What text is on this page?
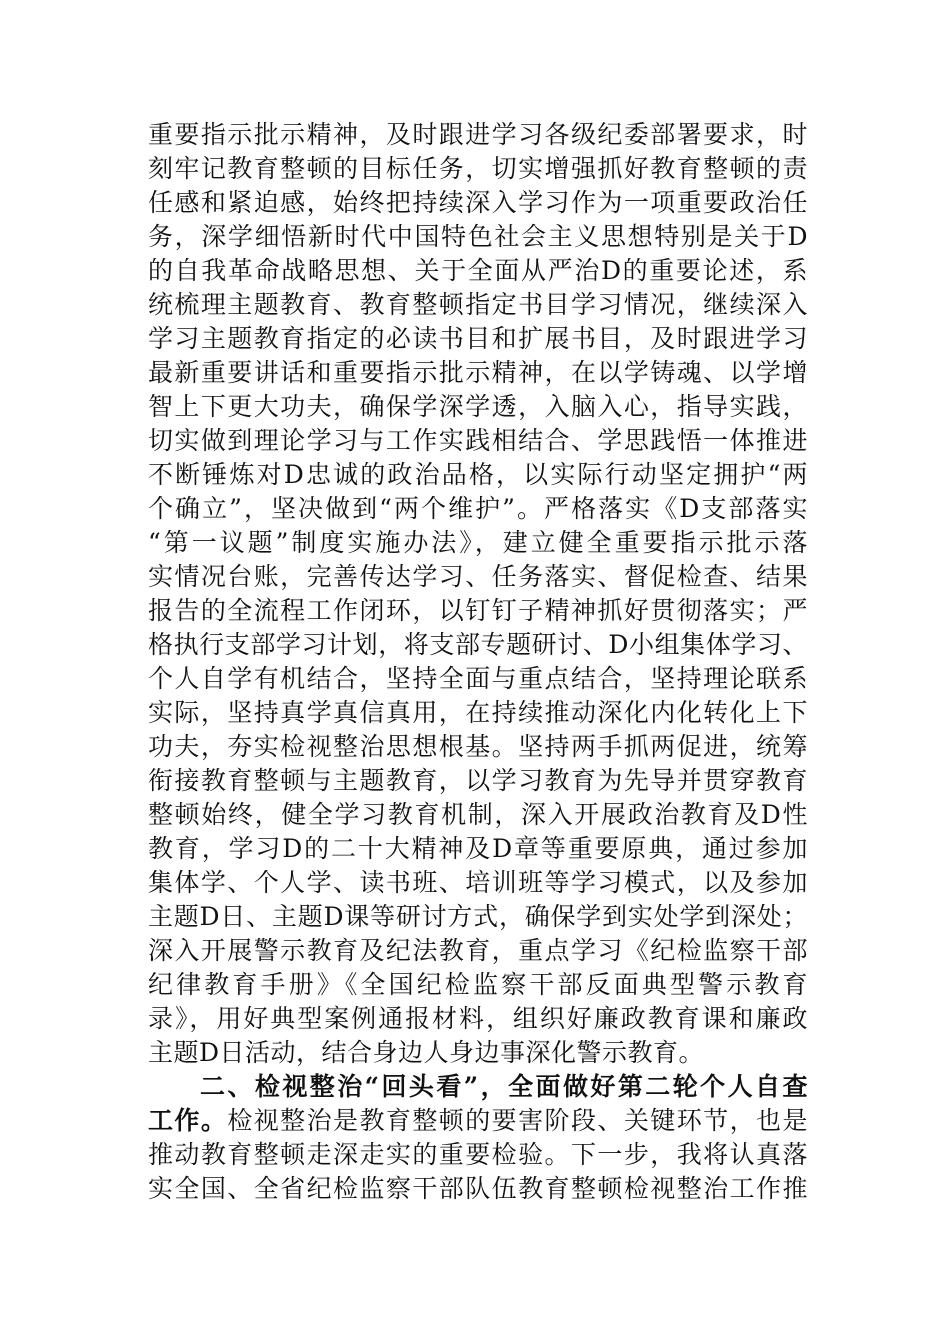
重要指示批示精神，及时跟进学习各级纪委部署要求，时
刻牢记教育整顿的目标任务，切实增强抓好教育整顿的责
任感和紧迫感，始终把持续深入学习作为一项重要政治任
务，深学细悟新时代中国特色社会主义思想特别是关于D
的自我革命战略思想、关于全面从严治D的重要论述，系
统梳理主题教育、教育整顿指定书目学习情况，继续深入
学习主题教育指定的必读书目和扩展书目，及时跟进学习
最新重要讲话和重要指示批示精神，在以学铸魂、以学增
智上下更大功夫，确保学深学透，入脑入心，指导实践，
切实做到理论学习与工作实践相结合、学思践悟一体推进
不断锤炼对D忠诚的政治品格，以实际行动坚定拥护“两
个确立”，坚决做到“两个维护”。严格落实《D支部落实
“第一议题”制度实施办法》，建立健全重要指示批示落
实情况台账，完善传达学习、任务落实、督促检查、结果
报告的全流程工作闭环，以钉钉子精神抓好贯彻落实；严
格执行支部学习计划，将支部专题研讨、D小组集体学习、
个人自学有机结合，坚持全面与重点结合，坚持理论联系
实际，坚持真学真信真用，在持续推动深化内化转化上下
功夫，夯实检视整治思想根基。坚持两手抓两促进，统筹
衔接教育整顿与主题教育，以学习教育为先导并贯穿教育
整顿始终，健全学习教育机制，深入开展政治教育及D性
教育，学习D的二十大精神及D章等重要原典，通过参加
集体学、个人学、读书班、培训班等学习模式，以及参加
主题D日、主题D课等研讨方式，确保学到实处学到深处；
深入开展警示教育及纪法教育，重点学习《纪检监察干部
纪律教育手册》《全国纪检监察干部反面典型警示教育
录》，用好典型案例通报材料，组织好廉政教育课和廉政
主题D日活动，结合身边人身边事深化警示教育。
二、检视整治“回头看”，全面做好第二轮个人自查
工作。检视整治是教育整顿的要害阶段、关键环节，也是
推动教育整顿走深走实的重要检验。下一步，我将认真落
实全国、全省纪检监察干部队伍教育整顿检视整治工作推
